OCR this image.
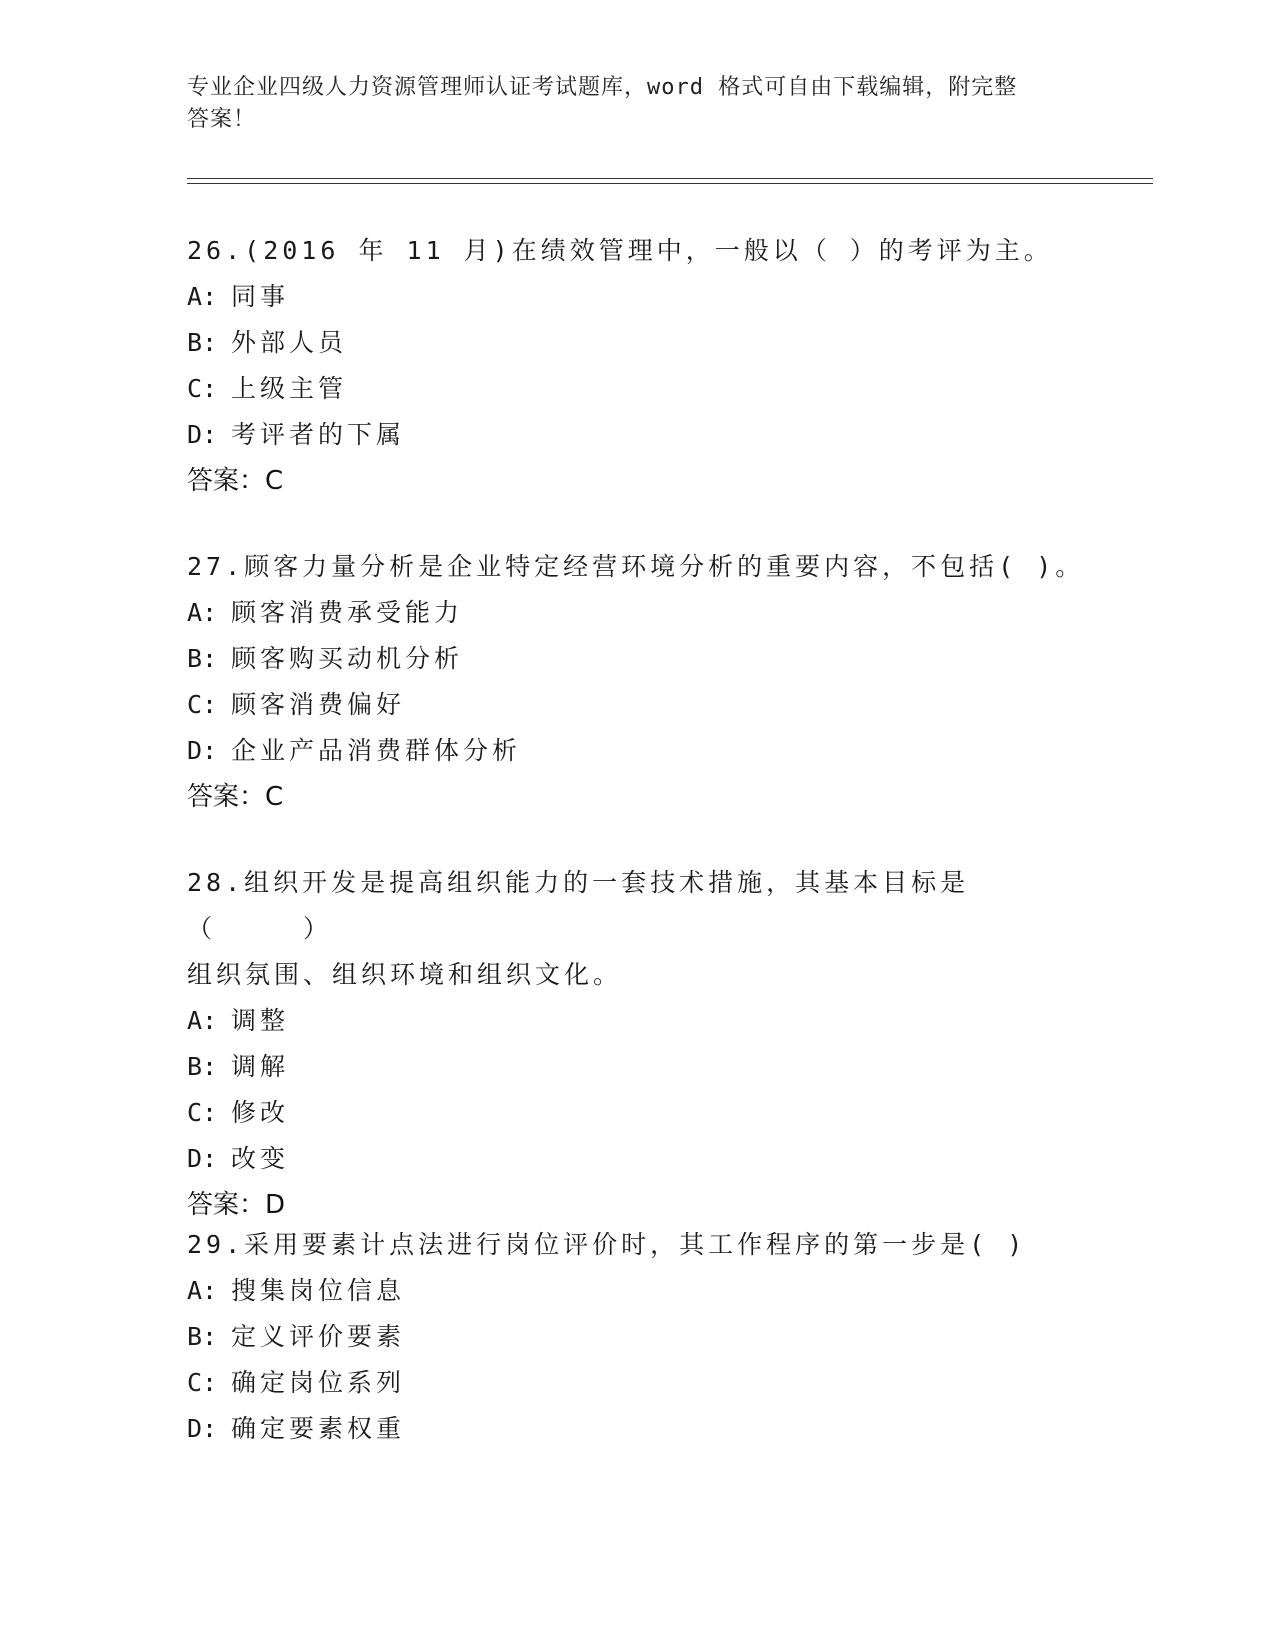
专业企业四级人力资源管理师认证考试题库，word 格式可自由下载编辑，附完整
答案！
26.(2016 年 11 月)在绩效管理中，一般以（ ）的考评为主。
A: 同事
B: 外部人员
C: 上级主管
D: 考评者的下属
答案：C
27.顾客力量分析是企业特定经营环境分析的重要内容，不包括( )。
A: 顾客消费承受能力
B: 顾客购买动机分析
C: 顾客消费偏好
D: 企业产品消费群体分析
答案：C
28.组织开发是提高组织能力的一套技术措施，其基本目标是（　　　）
组织氛围、组织环境和组织文化。
A: 调整
B: 调解
C: 修改
D: 改变
答案：D
29.采用要素计点法进行岗位评价时，其工作程序的第一步是( )
A: 搜集岗位信息
B: 定义评价要素
C: 确定岗位系列
D: 确定要素权重
